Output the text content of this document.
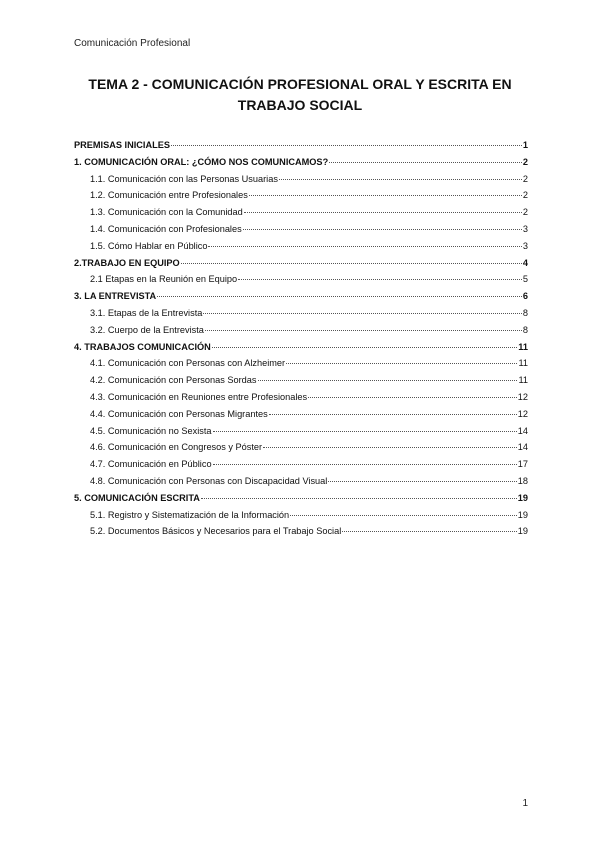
Comunicación Profesional
TEMA 2 - COMUNICACIÓN PROFESIONAL ORAL Y ESCRITA EN
TRABAJO SOCIAL
PREMISAS INICIALES	1
1. COMUNICACIÓN ORAL: ¿CÓMO NOS COMUNICAMOS?	2
1.1. Comunicación con las Personas Usuarias	2
1.2. Comunicación entre Profesionales	2
1.3. Comunicación con la Comunidad	2
1.4. Comunicación con Profesionales	3
1.5. Cómo Hablar en Público	3
2.TRABAJO EN EQUIPO	4
2.1 Etapas en la Reunión en Equipo	5
3. LA ENTREVISTA	6
3.1. Etapas de la Entrevista	8
3.2. Cuerpo de la Entrevista	8
4. TRABAJOS COMUNICACIÓN	11
4.1. Comunicación con Personas con Alzheimer	11
4.2. Comunicación con Personas Sordas	11
4.3. Comunicación en Reuniones entre Profesionales	12
4.4. Comunicación con Personas Migrantes	12
4.5. Comunicación no Sexista	14
4.6. Comunicación en Congresos y Póster	14
4.7. Comunicación en Público	17
4.8. Comunicación con Personas con Discapacidad Visual	18
5. COMUNICACIÓN ESCRITA	19
5.1. Registro y Sistematización de la Información	19
5.2. Documentos Básicos y Necesarios para el Trabajo Social	19
1
